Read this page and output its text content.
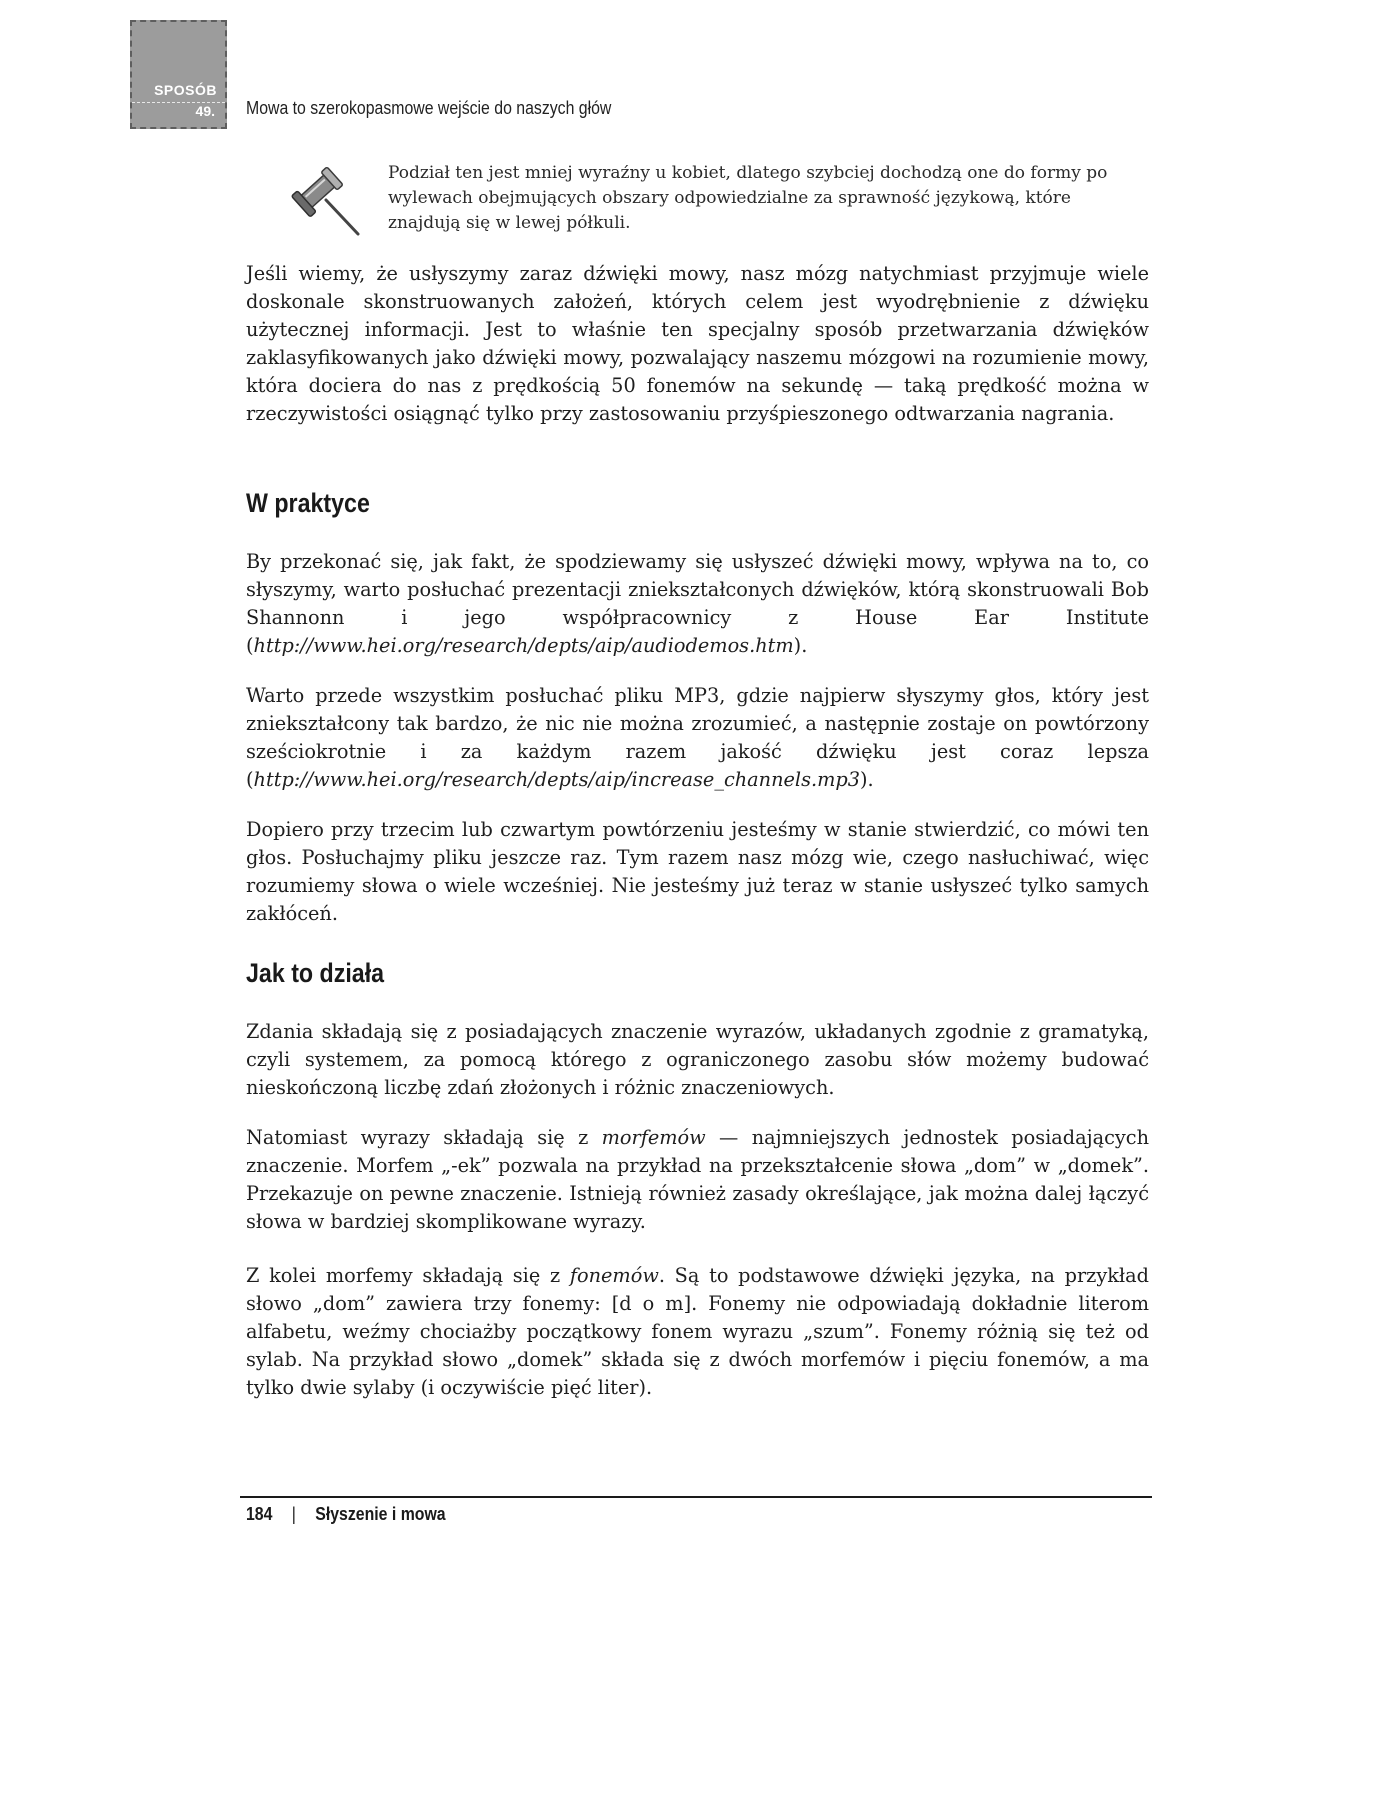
SPOSÓB
49. Mowa to szerokopasmowe wejście do naszych głów

Podział ten jest mniej wyraźny u kobiet, dlatego szybciej dochodzą one do formy po wylewach obejmujących obszary odpowiedzialne za sprawność językową, które znajdują się w lewej półkuli.

Jeśli wiemy, że usłyszymy zaraz dźwięki mowy, nasz mózg natychmiast przyjmuje wiele doskonale skonstruowanych założeń, których celem jest wyodrębnienie z dźwięku użytecznej informacji. Jest to właśnie ten specjalny sposób przetwarzania dźwięków zaklasyfikowanych jako dźwięki mowy, pozwalający naszemu mózgowi na rozumienie mowy, która dociera do nas z prędkością 50 fonemów na sekundę — taką prędkość można w rzeczywistości osiągnąć tylko przy zastosowaniu przyśpieszonego odtwarzania nagrania.

W praktyce

By przekonać się, jak fakt, że spodziewamy się usłyszeć dźwięki mowy, wpływa na to, co słyszymy, warto posłuchać prezentacji zniekształconych dźwięków, którą skonstruowali Bob Shannonn i jego współpracownicy z House Ear Institute (http://www.hei.org/research/depts/aip/audiodemos.htm).

Warto przede wszystkim posłuchać pliku MP3, gdzie najpierw słyszymy głos, który jest zniekształcony tak bardzo, że nic nie można zrozumieć, a następnie zostaje on powtórzony sześciokrotnie i za każdym razem jakość dźwięku jest coraz lepsza (http://www.hei.org/research/depts/aip/increase_channels.mp3).

Dopiero przy trzecim lub czwartym powtórzeniu jesteśmy w stanie stwierdzić, co mówi ten głos. Posłuchajmy pliku jeszcze raz. Tym razem nasz mózg wie, czego nasłuchiwać, więc rozumiemy słowa o wiele wcześniej. Nie jesteśmy już teraz w stanie usłyszeć tylko samych zakłóceń.

Jak to działa

Zdania składają się z posiadających znaczenie wyrazów, układanych zgodnie z gramatyką, czyli systemem, za pomocą którego z ograniczonego zasobu słów możemy budować nieskończoną liczbę zdań złożonych i różnic znaczeniowych.

Natomiast wyrazy składają się z morfemów — najmniejszych jednostek posiadających znaczenie. Morfem „-ek” pozwala na przykład na przekształcenie słowa „dom” w „domek”. Przekazuje on pewne znaczenie. Istnieją również zasady określające, jak można dalej łączyć słowa w bardziej skomplikowane wyrazy.

Z kolei morfemy składają się z fonemów. Są to podstawowe dźwięki języka, na przykład słowo „dom” zawiera trzy fonemy: [d o m]. Fonemy nie odpowiadają dokładnie literom alfabetu, weźmy chociażby początkowy fonem wyrazu „szum”. Fonemy różnią się też od sylab. Na przykład słowo „domek” składa się z dwóch morfemów i pięciu fonemów, a ma tylko dwie sylaby (i oczywiście pięć liter).

184 | Słyszenie i mowa
